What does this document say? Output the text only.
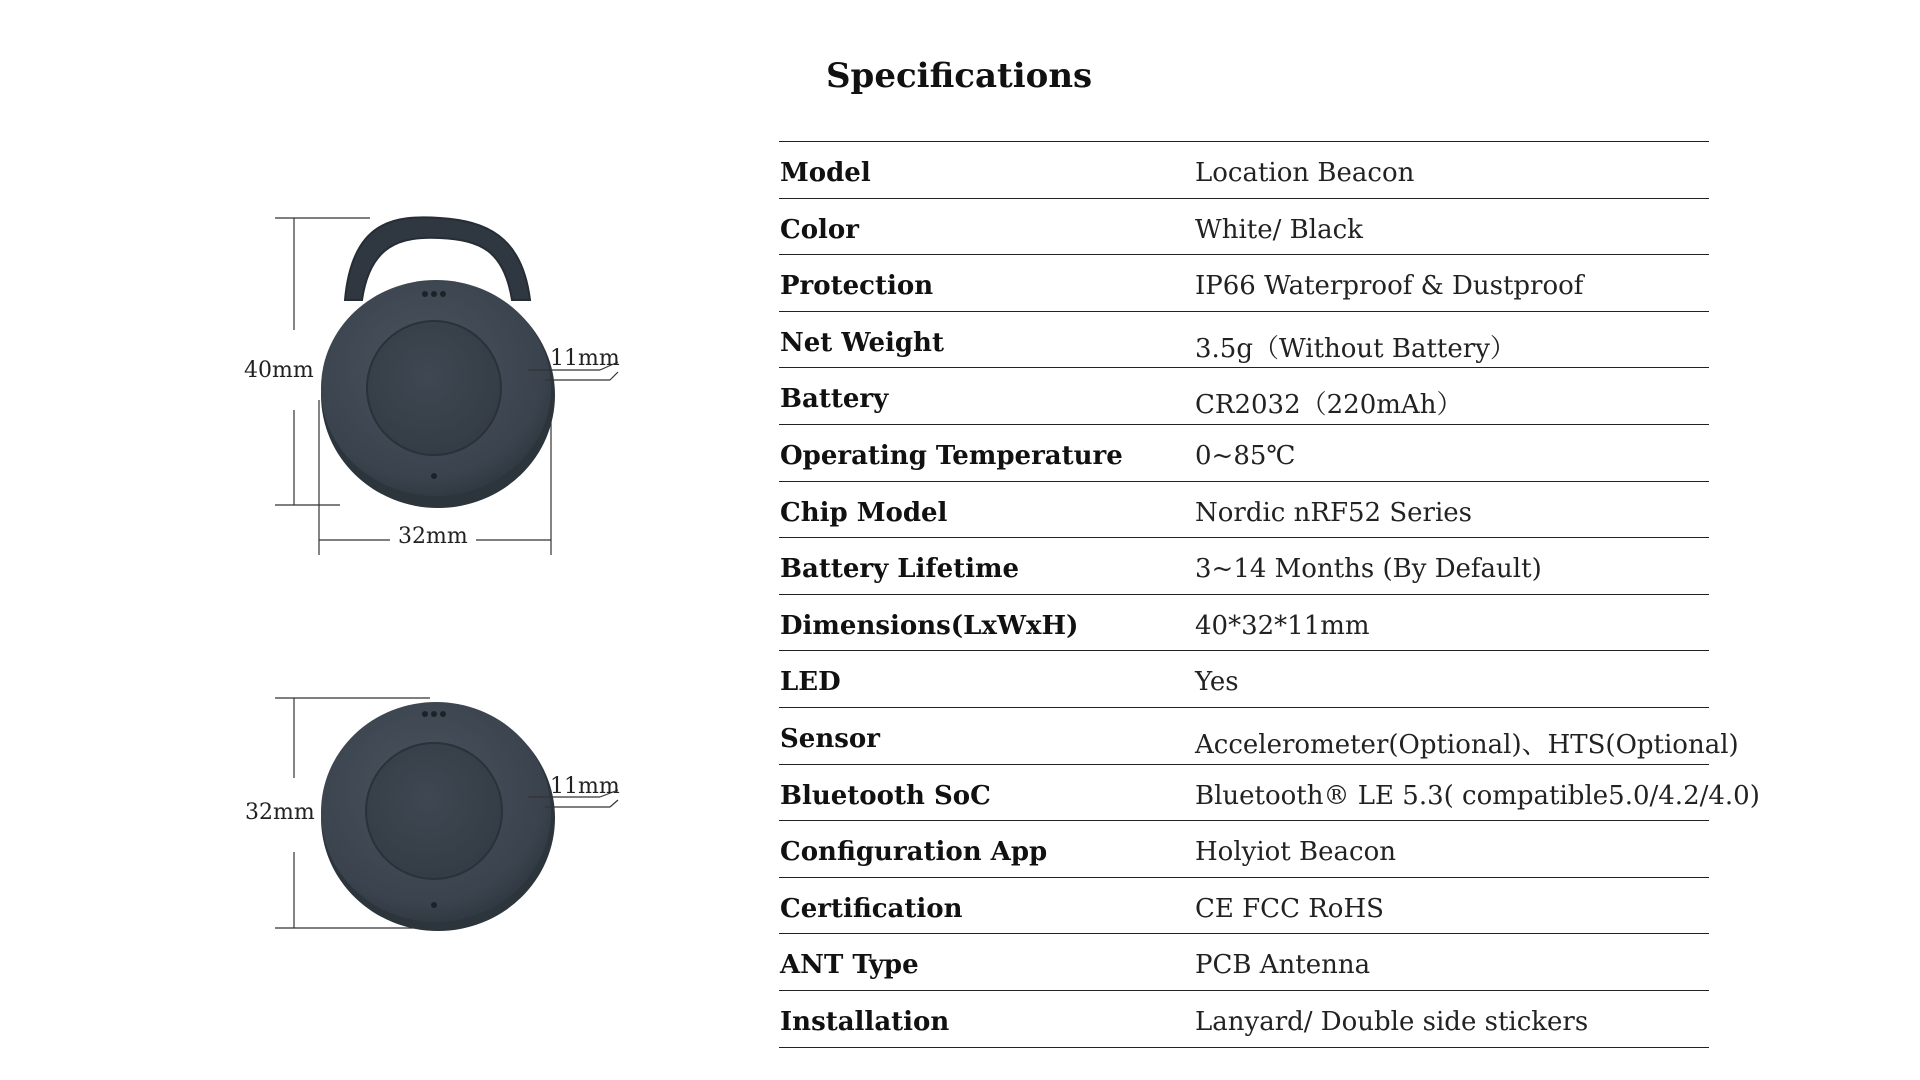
40mm
32mm
11mm
32mm
11mm
Specifications
Model	Location Beacon
Color	White/ Black
Protection	IP66 Waterproof & Dustproof
Net Weight	3.5g（Without Battery）
Battery	CR2032（220mAh）
Operating Temperature	0~85℃
Chip Model	Nordic nRF52 Series
Battery Lifetime	3~14 Months (By Default)
Dimensions(LxWxH)	40*32*11mm
LED	Yes
Sensor	Accelerometer(Optional)、HTS(Optional)
Bluetooth SoC	Bluetooth® LE 5.3( compatible5.0/4.2/4.0)
Configuration App	Holyiot Beacon
Certification	CE FCC RoHS
ANT Type	PCB Antenna
Installation	Lanyard/ Double side stickers
